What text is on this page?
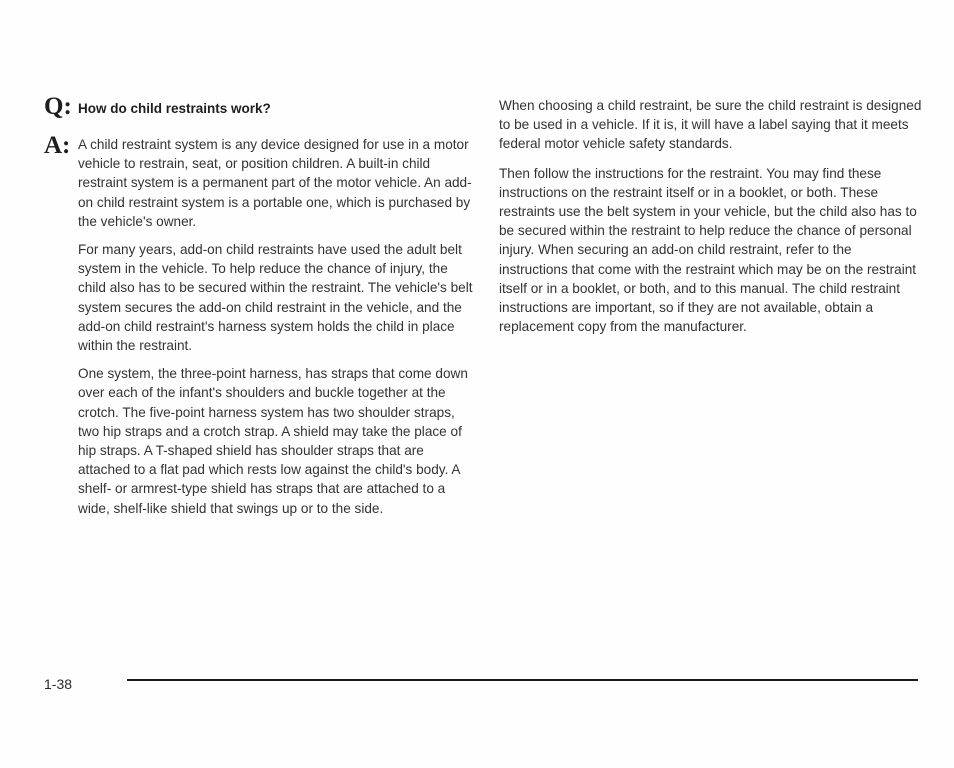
Q: How do child restraints work?
A: A child restraint system is any device designed for use in a motor vehicle to restrain, seat, or position children. A built-in child restraint system is a permanent part of the motor vehicle. An add-on child restraint system is a portable one, which is purchased by the vehicle's owner.

For many years, add-on child restraints have used the adult belt system in the vehicle. To help reduce the chance of injury, the child also has to be secured within the restraint. The vehicle's belt system secures the add-on child restraint in the vehicle, and the add-on child restraint's harness system holds the child in place within the restraint.

One system, the three-point harness, has straps that come down over each of the infant's shoulders and buckle together at the crotch. The five-point harness system has two shoulder straps, two hip straps and a crotch strap. A shield may take the place of hip straps. A T-shaped shield has shoulder straps that are attached to a flat pad which rests low against the child's body. A shelf- or armrest-type shield has straps that are attached to a wide, shelf-like shield that swings up or to the side.

When choosing a child restraint, be sure the child restraint is designed to be used in a vehicle. If it is, it will have a label saying that it meets federal motor vehicle safety standards.

Then follow the instructions for the restraint. You may find these instructions on the restraint itself or in a booklet, or both. These restraints use the belt system in your vehicle, but the child also has to be secured within the restraint to help reduce the chance of personal injury. When securing an add-on child restraint, refer to the instructions that come with the restraint which may be on the restraint itself or in a booklet, or both, and to this manual. The child restraint instructions are important, so if they are not available, obtain a replacement copy from the manufacturer.

1-38
